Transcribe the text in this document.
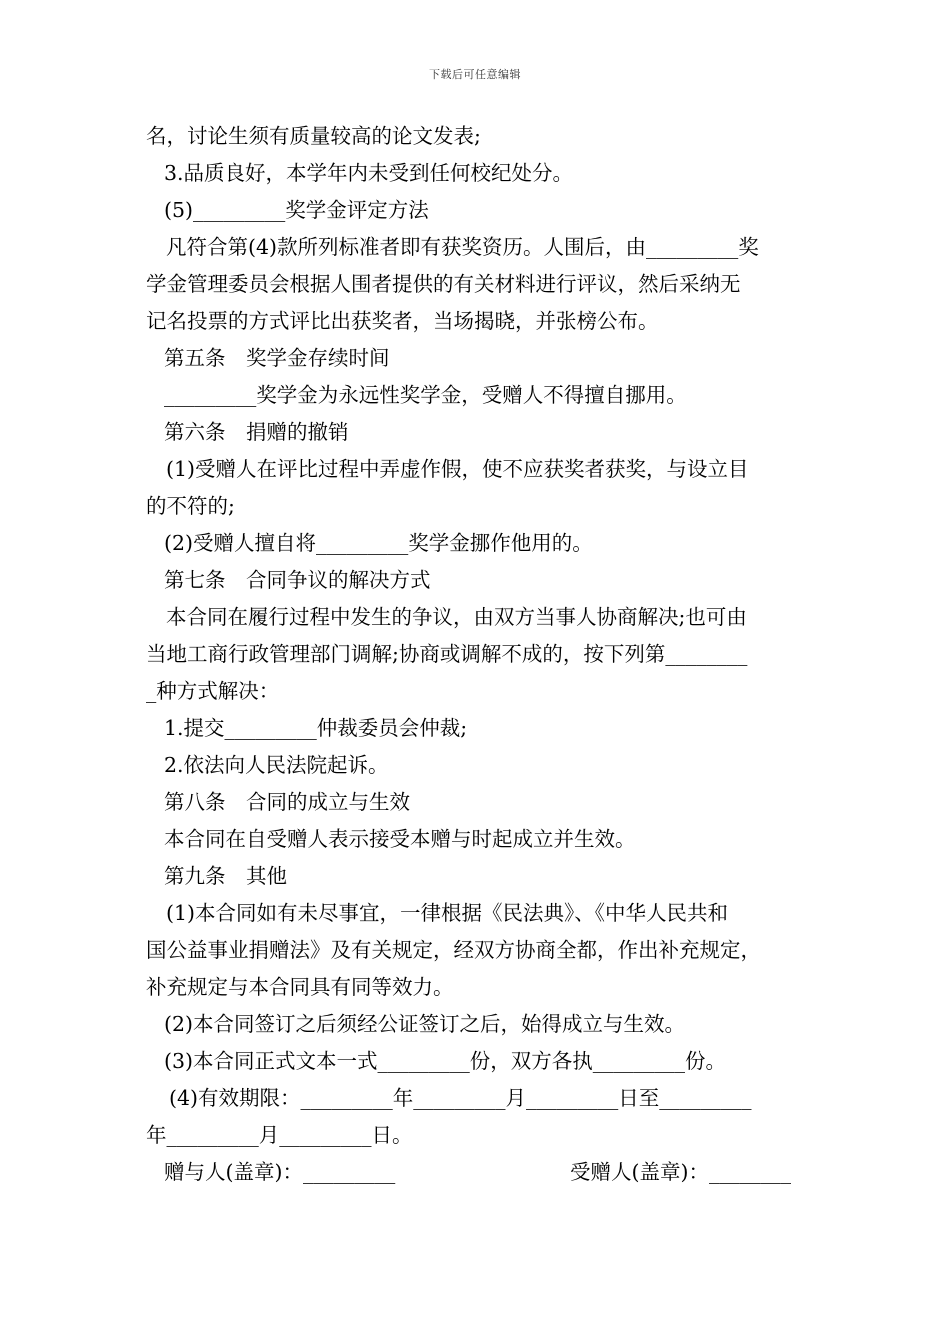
下载后可任意编辑
名，讨论生须有质量较高的论文发表;
3.品质良好，本学年内未受到任何校纪处分。
(5)_________奖学金评定方法
凡符合第(4)款所列标准者即有获奖资历。人围后，由_________奖
学金管理委员会根据人围者提供的有关材料进行评议，然后采纳无
记名投票的方式评比出获奖者，当场揭晓，并张榜公布。
第五条　奖学金存续时间
_________奖学金为永远性奖学金，受赠人不得擅自挪用。
第六条　捐赠的撤销
(1)受赠人在评比过程中弄虚作假，使不应获奖者获奖，与设立目
的不符的;
(2)受赠人擅自将_________奖学金挪作他用的。
第七条　合同争议的解决方式
本合同在履行过程中发生的争议，由双方当事人协商解决;也可由
当地工商行政管理部门调解;协商或调解不成的，按下列第________
_种方式解决：
1.提交_________仲裁委员会仲裁;
2.依法向人民法院起诉。
第八条　合同的成立与生效
本合同在自受赠人表示接受本赠与时起成立并生效。
第九条　其他
(1)本合同如有未尽事宜，一律根据《民法典》、《中华人民共和
国公益事业捐赠法》及有关规定，经双方协商全都，作出补充规定，
补充规定与本合同具有同等效力。
(2)本合同签订之后须经公证签订之后，始得成立与生效。
(3)本合同正式文本一式_________份，双方各执_________份。
(4)有效期限：_________年_________月_________日至_________
年_________月_________日。
赠与人(盖章)：_________	受赠人(盖章)：________
